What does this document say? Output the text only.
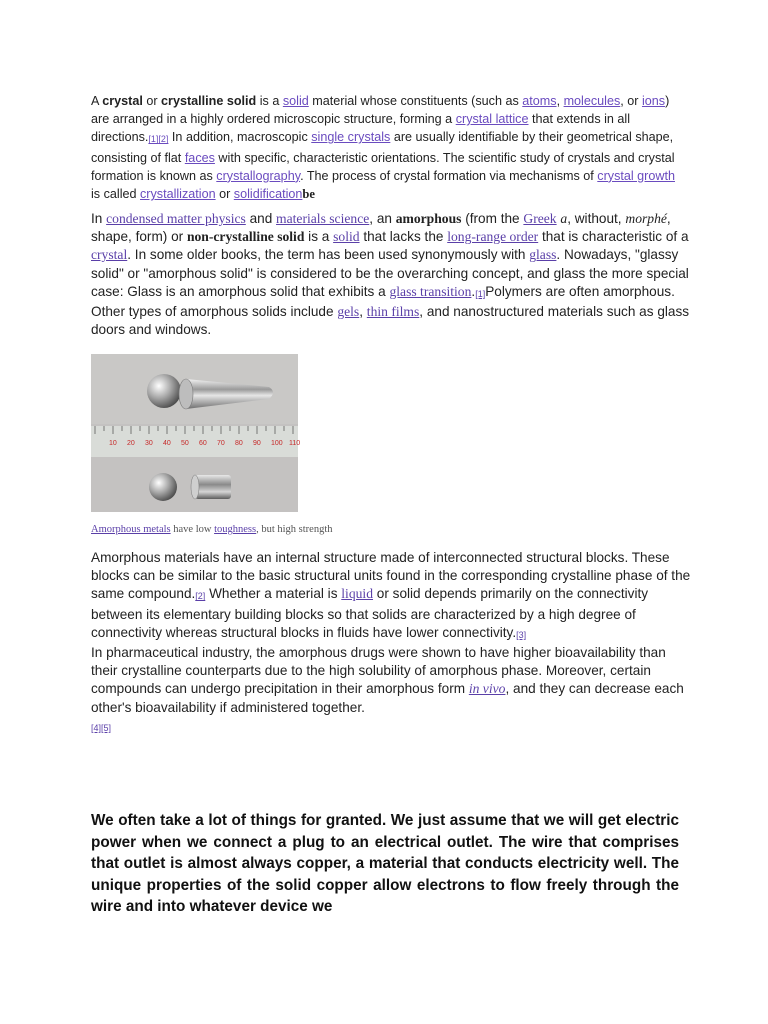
A crystal or crystalline solid is a solid material whose constituents (such as atoms, molecules, or ions) are arranged in a highly ordered microscopic structure, forming a crystal lattice that extends in all directions.[1][2] In addition, macroscopic single crystals are usually identifiable by their geometrical shape, consisting of flat faces with specific, characteristic orientations. The scientific study of crystals and crystal formation is known as crystallography. The process of crystal formation via mechanisms of crystal growth is called crystallization or solidificationbe

In condensed matter physics and materials science, an amorphous (from the Greek a, without, morphé, shape, form) or non-crystalline solid is a solid that lacks the long-range order that is characteristic of a crystal. In some older books, the term has been used synonymously with glass. Nowadays, "glassy solid" or "amorphous solid" is considered to be the overarching concept, and glass the more special case: Glass is an amorphous solid that exhibits a glass transition.[1]Polymers are often amorphous. Other types of amorphous solids include gels, thin films, and nanostructured materials such as glass doors and windows.

10 20 30 40 50 60 70 80 90 100 110

Amorphous metals have low toughness, but high strength

Amorphous materials have an internal structure made of interconnected structural blocks. These blocks can be similar to the basic structural units found in the corresponding crystalline phase of the same compound.[2] Whether a material is liquid or solid depends primarily on the connectivity between its elementary building blocks so that solids are characterized by a high degree of connectivity whereas structural blocks in fluids have lower connectivity.[3]
In pharmaceutical industry, the amorphous drugs were shown to have higher bioavailability than their crystalline counterparts due to the high solubility of amorphous phase. Moreover, certain compounds can undergo precipitation in their amorphous form in vivo, and they can decrease each other's bioavailability if administered together.
[4][5]

We often take a lot of things for granted. We just assume that we will get electric power when we connect a plug to an electrical outlet. The wire that comprises that outlet is almost always copper, a material that conducts electricity well. The unique properties of the solid copper allow electrons to flow freely through the wire and into whatever device we
